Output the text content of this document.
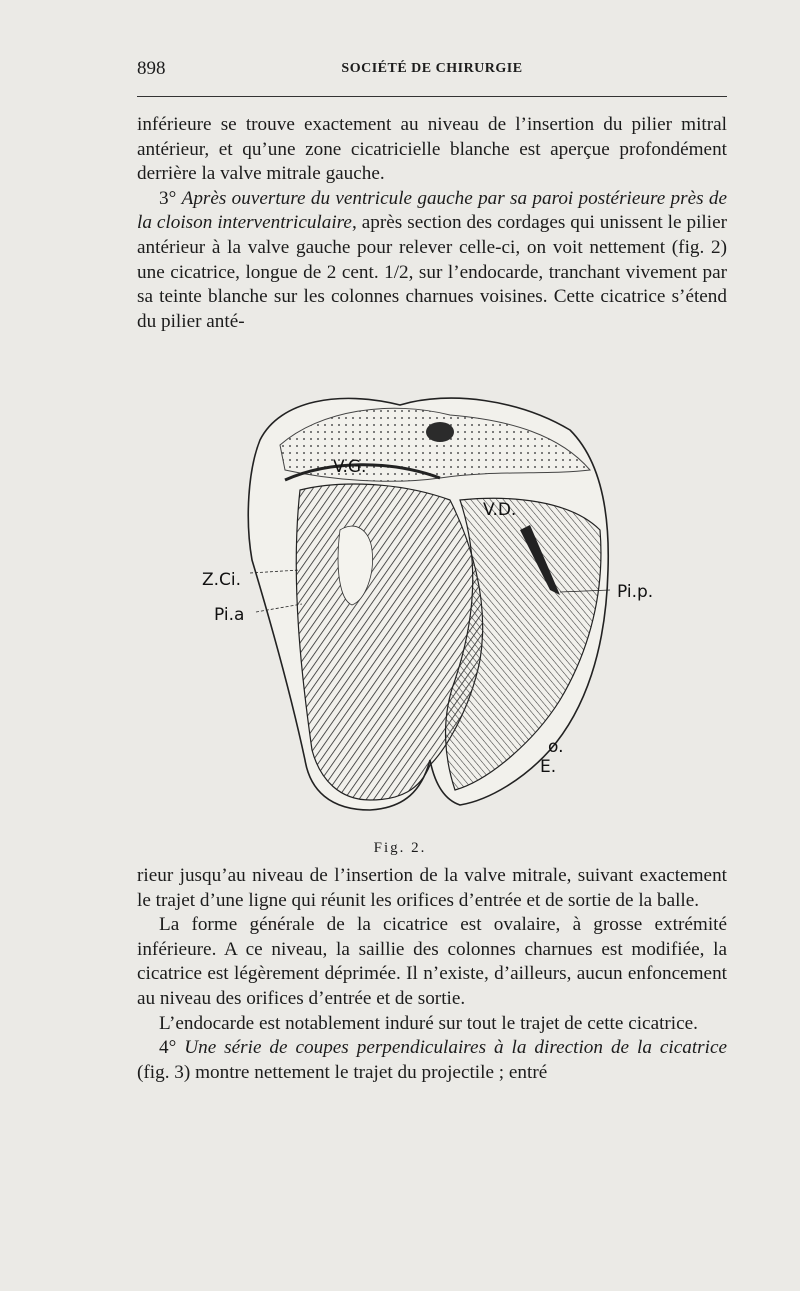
898	SOCIÉTÉ DE CHIRURGIE

inférieure se trouve exactement au niveau de l’insertion du pilier mitral antérieur, et qu’une zone cicatricielle blanche est aperçue profondément derrière la valve mitrale gauche.

3° Après ouverture du ventricule gauche par sa paroi postérieure près de la cloison interventriculaire, après section des cordages qui unissent le pilier antérieur à la valve gauche pour relever celle-ci, on voit nettement (fig. 2) une cicatrice, longue de 2 cent. 1/2, sur l’endocarde, tranchant vivement par sa teinte blanche sur les colonnes charnues voisines. Cette cicatrice s’étend du pilier anté-

V.G.
V.D.
Z.Ci.
Pi.a
Pi.p.
o.
E.
Fig. 2.

rieur jusqu’au niveau de l’insertion de la valve mitrale, suivant exactement le trajet d’une ligne qui réunit les orifices d’entrée et de sortie de la balle.

La forme générale de la cicatrice est ovalaire, à grosse extrémité inférieure. A ce niveau, la saillie des colonnes charnues est modifiée, la cicatrice est légèrement déprimée. Il n’existe, d’ailleurs, aucun enfoncement au niveau des orifices d’entrée et de sortie.

L’endocarde est notablement induré sur tout le trajet de cette cicatrice.

4° Une série de coupes perpendiculaires à la direction de la cicatrice (fig. 3) montre nettement le trajet du projectile ; entré
